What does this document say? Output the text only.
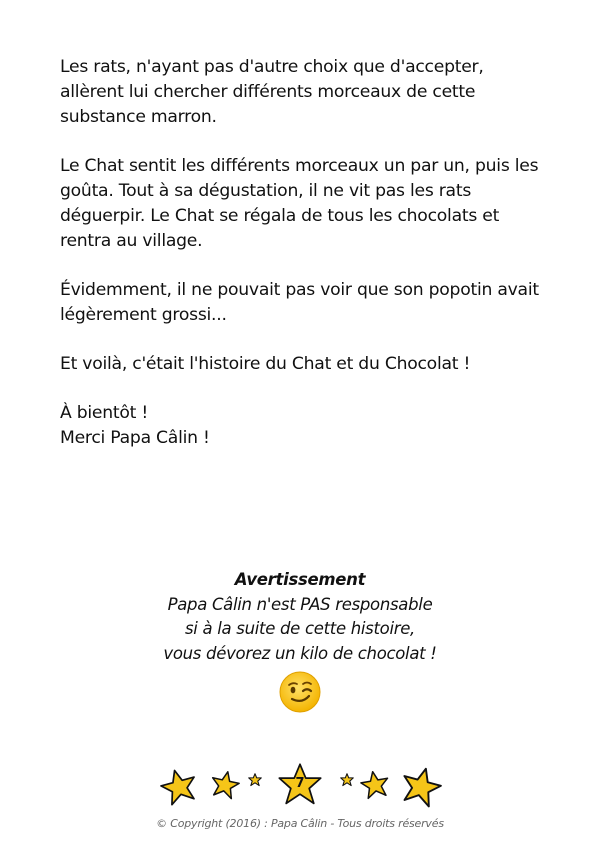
Les rats, n'ayant pas d'autre choix que d'accepter,
allèrent lui chercher différents morceaux de cette
substance marron.

Le Chat sentit les différents morceaux un par un, puis les
goûta. Tout à sa dégustation, il ne vit pas les rats
déguerpir. Le Chat se régala de tous les chocolats et
rentra au village.

Évidemment, il ne pouvait pas voir que son popotin avait
légèrement grossi...

Et voilà, c'était l'histoire du Chat et du Chocolat !

À bientôt !
Merci Papa Câlin !

Avertissement
Papa Câlin n'est PAS responsable
si à la suite de cette histoire,
vous dévorez un kilo de chocolat !
7
© Copyright (2016) : Papa Câlin - Tous droits réservés
